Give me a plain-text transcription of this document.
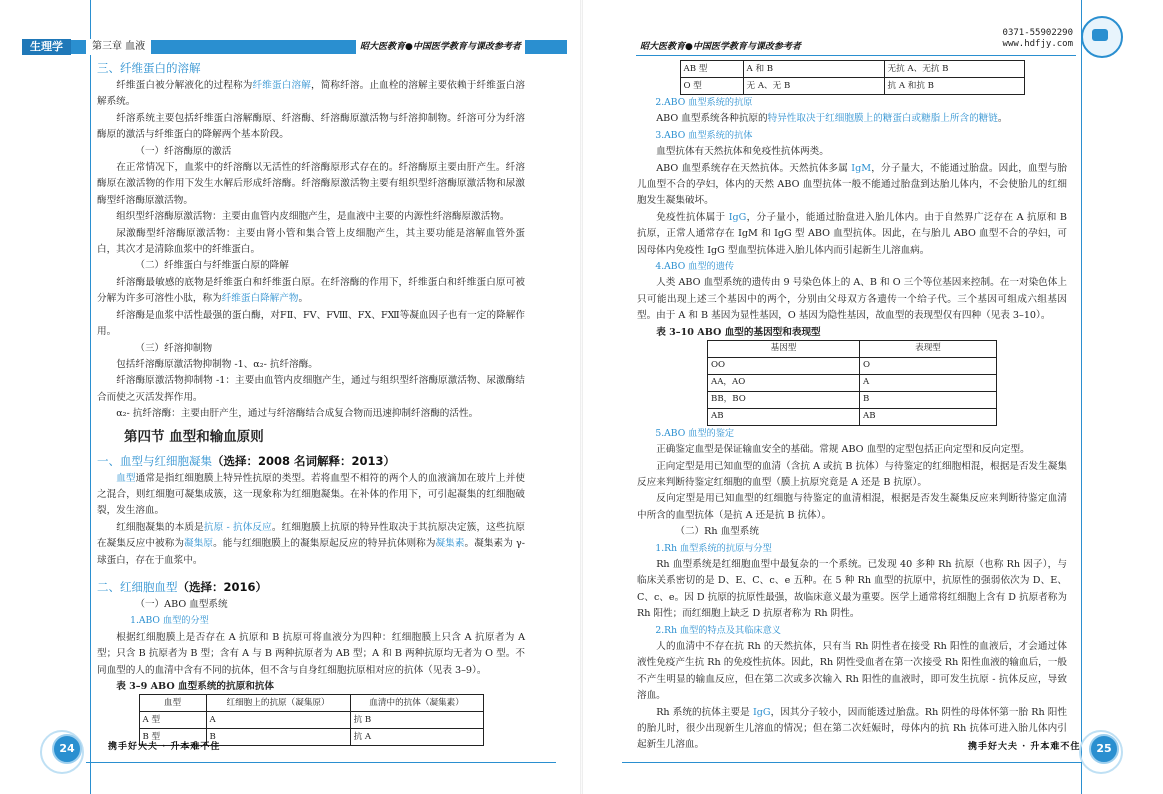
生理学	第三章 血液	昭大医教育●中国医学教育与课改参考者

三、纤维蛋白的溶解

纤维蛋白被分解液化的过程称为纤维蛋白溶解，简称纤溶。止血栓的溶解主要依赖于纤维蛋白溶解系统。

纤溶系统主要包括纤维蛋白溶解酶原、纤溶酶、纤溶酶原激活物与纤溶抑制物。纤溶可分为纤溶酶原的激活与纤维蛋白的降解两个基本阶段。

（一）纤溶酶原的激活

在正常情况下，血浆中的纤溶酶以无活性的纤溶酶原形式存在的。纤溶酶原主要由肝产生。纤溶酶原在激活物的作用下发生水解后形成纤溶酶。纤溶酶原激活物主要有组织型纤溶酶原激活物和尿激酶型纤溶酶原激活物。

组织型纤溶酶原激活物：主要由血管内皮细胞产生，是血液中主要的内源性纤溶酶原激活物。

尿激酶型纤溶酶原激活物：主要由肾小管和集合管上皮细胞产生，其主要功能是溶解血管外蛋白，其次才是清除血浆中的纤维蛋白。

（二）纤维蛋白与纤维蛋白原的降解

纤溶酶最敏感的底物是纤维蛋白和纤维蛋白原。在纤溶酶的作用下，纤维蛋白和纤维蛋白原可被分解为许多可溶性小肽，称为纤维蛋白降解产物。

纤溶酶是血浆中活性最强的蛋白酶，对FⅡ、FⅤ、FⅧ、FⅩ、FⅫ等凝血因子也有一定的降解作用。

（三）纤溶抑制物

包括纤溶酶原激活物抑制物 -1、α₂- 抗纤溶酶。

纤溶酶原激活物抑制物 -1：主要由血管内皮细胞产生，通过与组织型纤溶酶原激活物、尿激酶结合而使之灭活发挥作用。

α₂- 抗纤溶酶：主要由肝产生，通过与纤溶酶结合成复合物而迅速抑制纤溶酶的活性。

第四节 血型和输血原则

一、血型与红细胞凝集（选择：2008 名词解释：2013）

血型通常是指红细胞膜上特异性抗原的类型。若将血型不相符的两个人的血液滴加在玻片上并使之混合，则红细胞可凝集成簇，这一现象称为红细胞凝集。在补体的作用下，可引起凝集的红细胞破裂，发生溶血。

红细胞凝集的本质是抗原 - 抗体反应。红细胞膜上抗原的特异性取决于其抗原决定簇，这些抗原在凝集反应中被称为凝集原。能与红细胞膜上的凝集原起反应的特异抗体则称为凝集素。凝集素为 γ- 球蛋白，存在于血浆中。

二、红细胞血型（选择：2016）

（一）ABO 血型系统

1.ABO 血型的分型

根据红细胞膜上是否存在 A 抗原和 B 抗原可将血液分为四种：红细胞膜上只含 A 抗原者为 A 型；只含 B 抗原者为 B 型；含有 A 与 B 两种抗原者为 AB 型；A 和 B 两种抗原均无者为 O 型。不同血型的人的血清中含有不同的抗体，但不含与自身红细胞抗原相对应的抗体（见表 3–9）。

表 3–9 ABO 血型系统的抗原和抗体

血型	红细胞上的抗原（凝集原）	血清中的抗体（凝集素）
A 型	A	抗 B
B 型	B	抗 A
24	携手好大夫 · 升本难不住
昭大医教育●中国医学教育与课改参考者
0371-55902290
www.hdfjy.com
AB 型	A 和 B	无抗 A、无抗 B
O 型	无 A、无 B	抗 A 和抗 B

2.ABO 血型系统的抗原

ABO 血型系统各种抗原的特异性取决于红细胞膜上的糖蛋白或糖脂上所含的糖链。

3.ABO 血型系统的抗体

血型抗体有天然抗体和免疫性抗体两类。

ABO 血型系统存在天然抗体。天然抗体多属 IgM，分子量大，不能通过胎盘。因此，血型与胎儿血型不合的孕妇，体内的天然 ABO 血型抗体一般不能通过胎盘到达胎儿体内，不会使胎儿的红细胞发生凝集破坏。

免疫性抗体属于 IgG，分子量小，能通过胎盘进入胎儿体内。由于自然界广泛存在 A 抗原和 B 抗原，正常人通常存在 IgM 和 IgG 型 ABO 血型抗体。因此，在与胎儿 ABO 血型不合的孕妇，可因母体内免疫性 IgG 型血型抗体进入胎儿体内而引起新生儿溶血病。

4.ABO 血型的遗传

人类 ABO 血型系统的遗传由 9 号染色体上的 A、B 和 O 三个等位基因来控制。在一对染色体上只可能出现上述三个基因中的两个，分别由父母双方各遗传一个给子代。三个基因可组成六组基因型。由于 A 和 B 基因为显性基因，O 基因为隐性基因，故血型的表现型仅有四种（见表 3–10）。

表 3–10 ABO 血型的基因型和表现型

基因型	表现型
OO	O
AA，AO	A
BB，BO	B
AB	AB

5.ABO 血型的鉴定

正确鉴定血型是保证输血安全的基础。常规 ABO 血型的定型包括正向定型和反向定型。

正向定型是用已知血型的血清（含抗 A 或抗 B 抗体）与待鉴定的红细胞相混，根据是否发生凝集反应来判断待鉴定红细胞的血型（膜上抗原究竟是 A 还是 B 抗原）。

反向定型是用已知血型的红细胞与待鉴定的血清相混，根据是否发生凝集反应来判断待鉴定血清中所含的血型抗体（是抗 A 还是抗 B 抗体）。

（二）Rh 血型系统

1.Rh 血型系统的抗原与分型

Rh 血型系统是红细胞血型中最复杂的一个系统。已发现 40 多种 Rh 抗原（也称 Rh 因子），与临床关系密切的是 D、E、C、c、e 五种。在 5 种 Rh 血型的抗原中，抗原性的强弱依次为 D、E、C、c、e。因 D 抗原的抗原性最强，故临床意义最为重要。医学上通常将红细胞上含有 D 抗原者称为 Rh 阳性；而红细胞上缺乏 D 抗原者称为 Rh 阴性。

2.Rh 血型的特点及其临床意义

人的血清中不存在抗 Rh 的天然抗体，只有当 Rh 阴性者在接受 Rh 阳性的血液后，才会通过体液性免疫产生抗 Rh 的免疫性抗体。因此，Rh 阴性受血者在第一次接受 Rh 阳性血液的输血后，一般不产生明显的输血反应，但在第二次或多次输入 Rh 阳性的血液时，即可发生抗原 - 抗体反应，导致溶血。

Rh 系统的抗体主要是 IgG，因其分子较小，因而能透过胎盘。Rh 阴性的母体怀第一胎 Rh 阳性的胎儿时，很少出现新生儿溶血的情况；但在第二次妊娠时，母体内的抗 Rh 抗体可进入胎儿体内引起新生儿溶血。	25
携手好大夫 · 升本难不住
